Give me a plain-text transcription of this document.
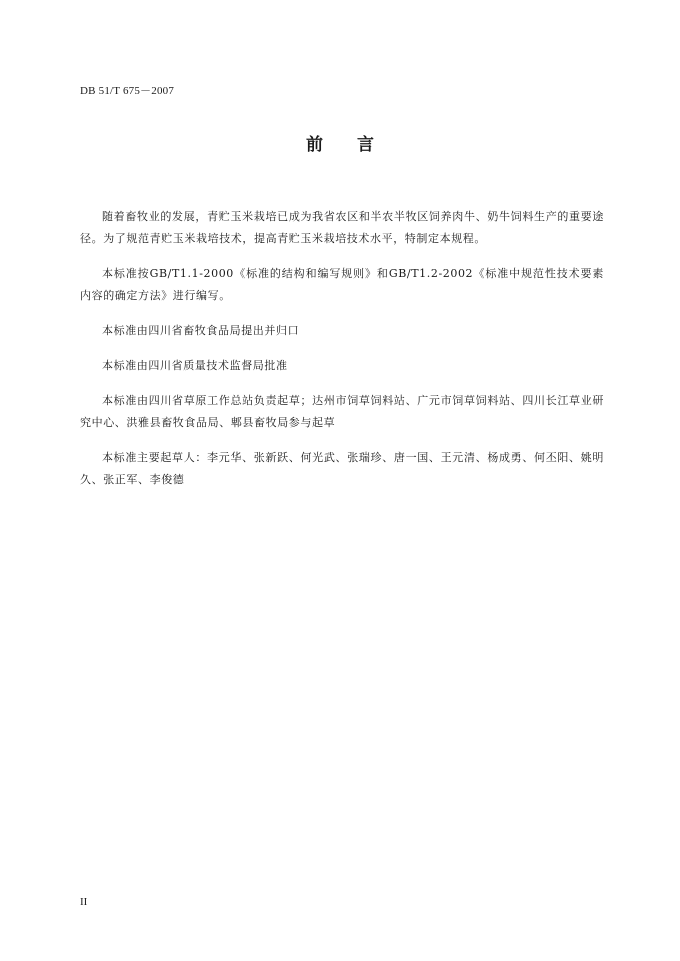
DB 51/T 675－2007
前 言

随着畜牧业的发展，青贮玉米栽培已成为我省农区和半农半牧区饲养肉牛、奶牛饲料生产的重要途径。为了规范青贮玉米栽培技术，提高青贮玉米栽培技术水平，特制定本规程。

本标准按GB/T1.1-2000《标准的结构和编写规则》和GB/T1.2-2002《标准中规范性技术要素内容的确定方法》进行编写。

本标准由四川省畜牧食品局提出并归口

本标准由四川省质量技术监督局批准

本标准由四川省草原工作总站负责起草；达州市饲草饲料站、广元市饲草饲料站、四川长江草业研究中心、洪雅县畜牧食品局、郫县畜牧局参与起草

本标准主要起草人：李元华、张新跃、何光武、张瑞珍、唐一国、王元清、杨成勇、何丕阳、姚明久、张正军、李俊德

II
